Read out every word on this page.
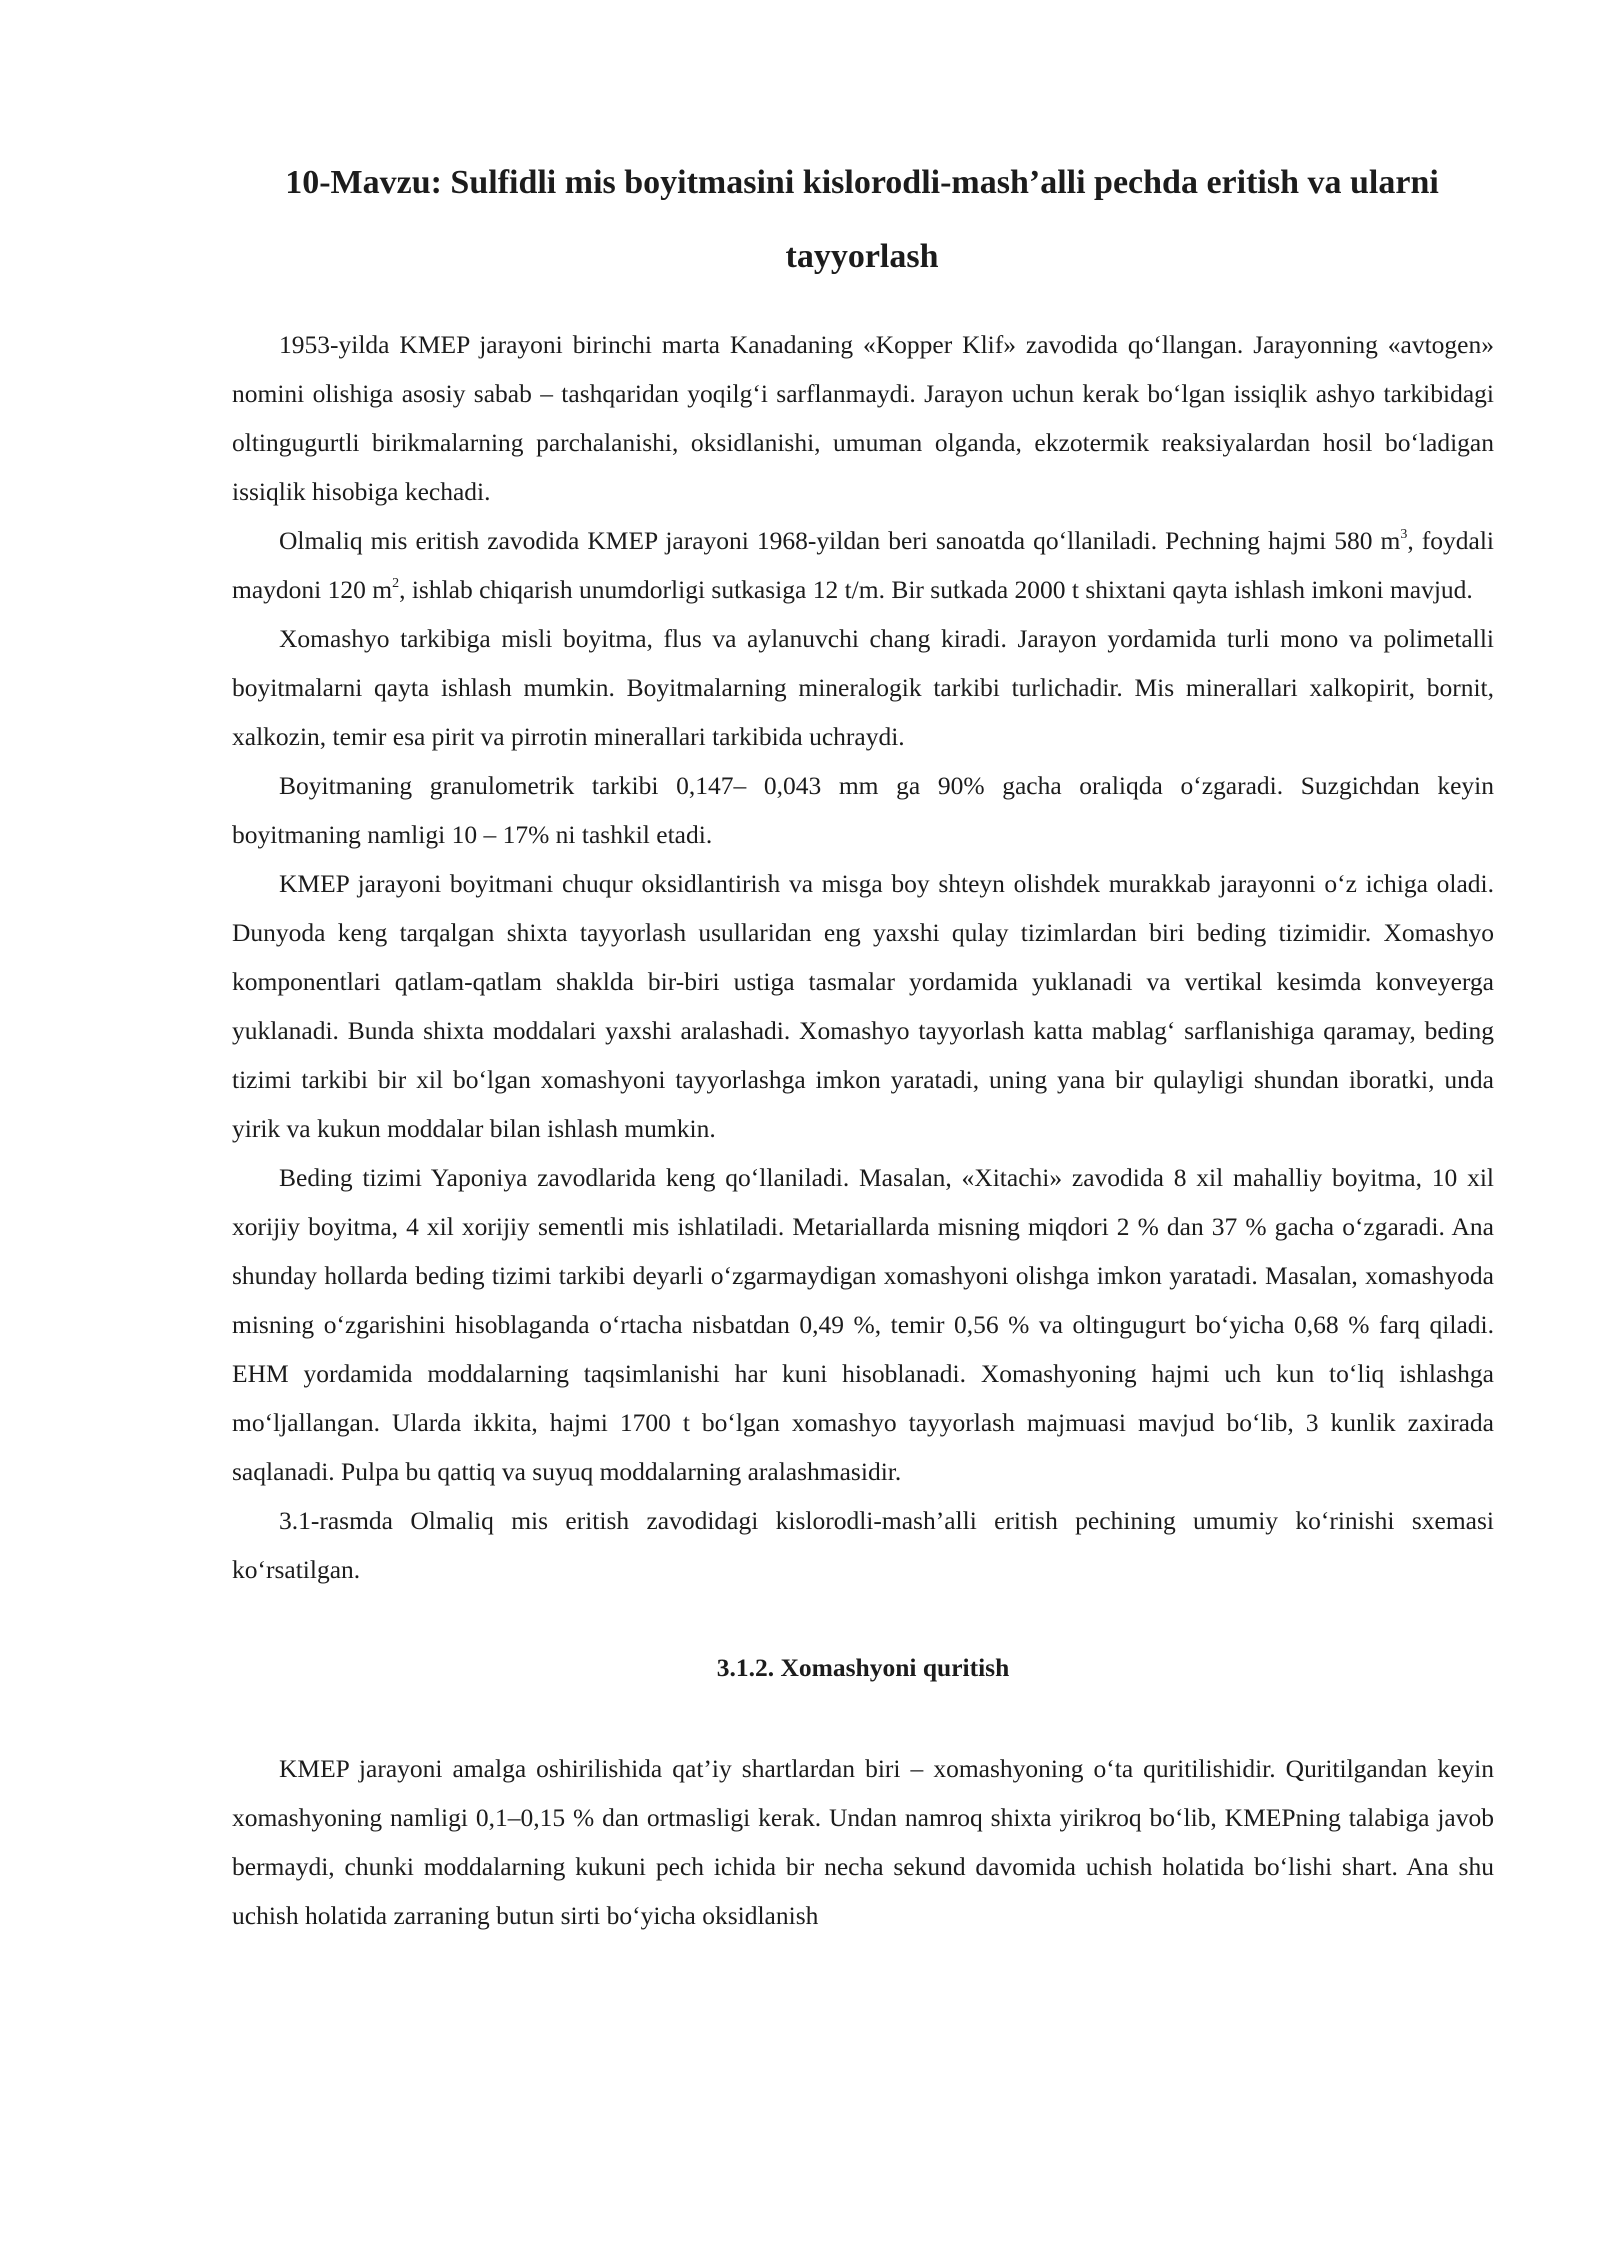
10-Mavzu: Sulfidli mis boyitmasini kislorodli-mash’alli pechda eritish va ularni tayyorlash

1953-yilda KMEP jarayoni birinchi marta Kanadaning «Kopper Klif» zavodida qo‘llangan. Jarayonning «avtogen» nomini olishiga asosiy sabab – tashqaridan yoqilg‘i sarflanmaydi. Jarayon uchun kerak bo‘lgan issiqlik ashyo tarkibidagi oltingugurtli birikmalarning parchalanishi, oksidlanishi, umuman olganda, ekzotermik reaksiyalardan hosil bo‘ladigan issiqlik hisobiga kechadi.

Olmaliq mis eritish zavodida KMEP jarayoni 1968-yildan beri sanoatda qo‘llaniladi. Pechning hajmi 580 $m^3$, foydali maydoni 120 $m^2$, ishlab chiqarish unumdorligi sutkasiga 12 t/m. Bir sutkada 2000 t shixtani qayta ishlash imkoni mavjud.

Xomashyo tarkibiga misli boyitma, flus va aylanuvchi chang kiradi. Jarayon yordamida turli mono va polimetalli boyitmalarni qayta ishlash mumkin. Boyitmalarning mineralogik tarkibi turlichadir. Mis minerallari xalkopirit, bornit, xalkozin, temir esa pirit va pirrotin minerallari tarkibida uchraydi.

Boyitmaning granulometrik tarkibi 0,147– 0,043 mm ga 90% gacha oraliqda o‘zgaradi. Suzgichdan keyin boyitmaning namligi 10 – 17% ni tashkil etadi.

KMEP jarayoni boyitmani chuqur oksidlantirish va misga boy shteyn olishdek murakkab jarayonni o‘z ichiga oladi. Dunyoda keng tarqalgan shixta tayyorlash usullaridan eng yaxshi qulay tizimlardan biri beding tizimidir. Xomashyo komponentlari qatlam-qatlam shaklda bir-biri ustiga tasmalar yordamida yuklanadi va vertikal kesimda konveyerga yuklanadi. Bunda shixta moddalari yaxshi aralashadi. Xomashyo tayyorlash katta mablag‘ sarflanishiga qaramay, beding tizimi tarkibi bir xil bo‘lgan xomashyoni tayyorlashga imkon yaratadi, uning yana bir qulayligi shundan iboratki, unda yirik va kukun moddalar bilan ishlash mumkin.

Beding tizimi Yaponiya zavodlarida keng qo‘llaniladi. Masalan, «Xitachi» zavodida 8 xil mahalliy boyitma, 10 xil xorijiy boyitma, 4 xil xorijiy sementli mis ishlatiladi. Metariallarda misning miqdori 2 % dan 37 % gacha o‘zgaradi. Ana shunday hollarda beding tizimi tarkibi deyarli o‘zgarmaydigan xomashyoni olishga imkon yaratadi. Masalan, xomashyoda misning o‘zgarishini hisoblaganda o‘rtacha nisbatdan 0,49 %, temir 0,56 % va oltingugurt bo‘yicha 0,68 % farq qiladi. EHM yordamida moddalarning taqsimlanishi har kuni hisoblanadi. Xomashyoning hajmi uch kun to‘liq ishlashga mo‘ljallangan. Ularda ikkita, hajmi 1700 t bo‘lgan xomashyo tayyorlash majmuasi mavjud bo‘lib, 3 kunlik zaxirada saqlanadi. Pulpa bu qattiq va suyuq moddalarning aralashmasidir.

3.1-rasmda Olmaliq mis eritish zavodidagi kislorodli-mash’alli eritish pechining umumiy ko‘rinishi sxemasi ko‘rsatilgan.

3.1.2. Xomashyoni quritish

KMEP jarayoni amalga oshirilishida qat’iy shartlardan biri – xomashyoning o‘ta quritilishidir. Quritilgandan keyin xomashyoning namligi 0,1–0,15 % dan ortmasligi kerak. Undan namroq shixta yirikroq bo‘lib, KMEPning talabiga javob bermaydi, chunki moddalarning kukuni pech ichida bir necha sekund davomida uchish holatida bo‘lishi shart. Ana shu uchish holatida zarraning butun sirti bo‘yicha oksidlanish
